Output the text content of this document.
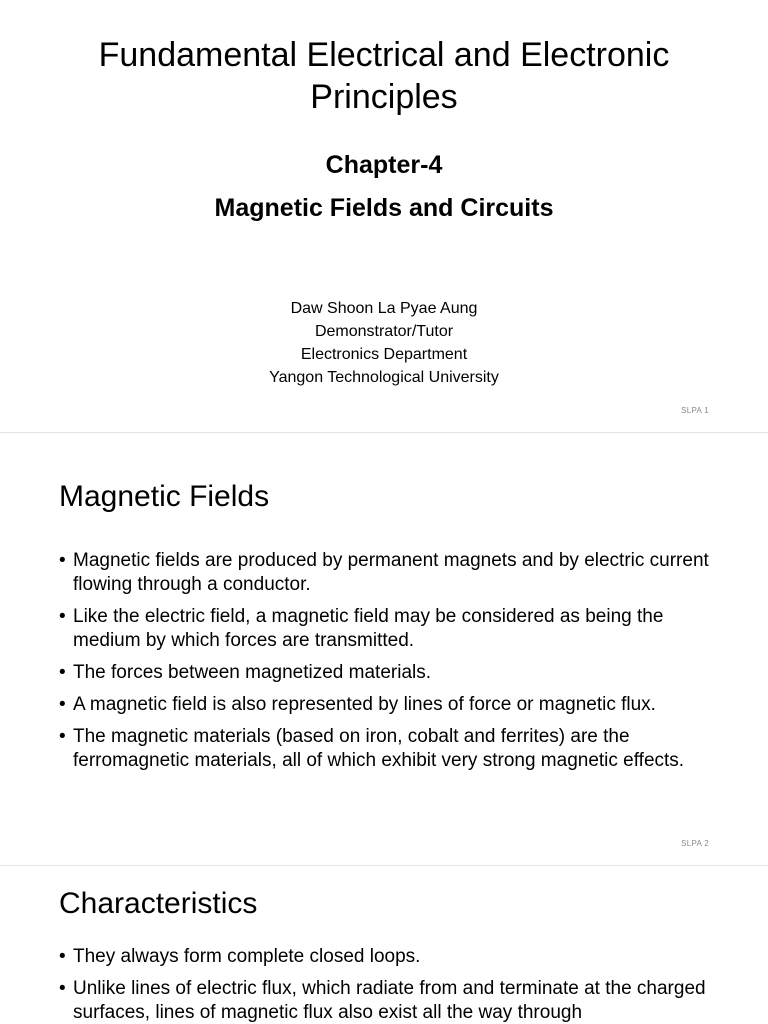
Fundamental Electrical and Electronic Principles
Chapter-4
Magnetic Fields and Circuits
Daw Shoon La Pyae Aung
Demonstrator/Tutor
Electronics Department
Yangon Technological University
SLPA 1
Magnetic Fields
• Magnetic fields are produced by permanent magnets and by electric current flowing through a conductor.
• Like the electric field, a magnetic field may be considered as being the medium by which forces are transmitted.
• The forces between magnetized materials.
• A magnetic field is also represented by lines of force or magnetic flux.
• The magnetic materials (based on iron, cobalt and ferrites) are the ferromagnetic materials, all of which exhibit very strong magnetic effects.
SLPA 2
Characteristics
• They always form complete closed loops.
• Unlike lines of electric flux, which radiate from and terminate at the charged surfaces, lines of magnetic flux also exist all the way through
